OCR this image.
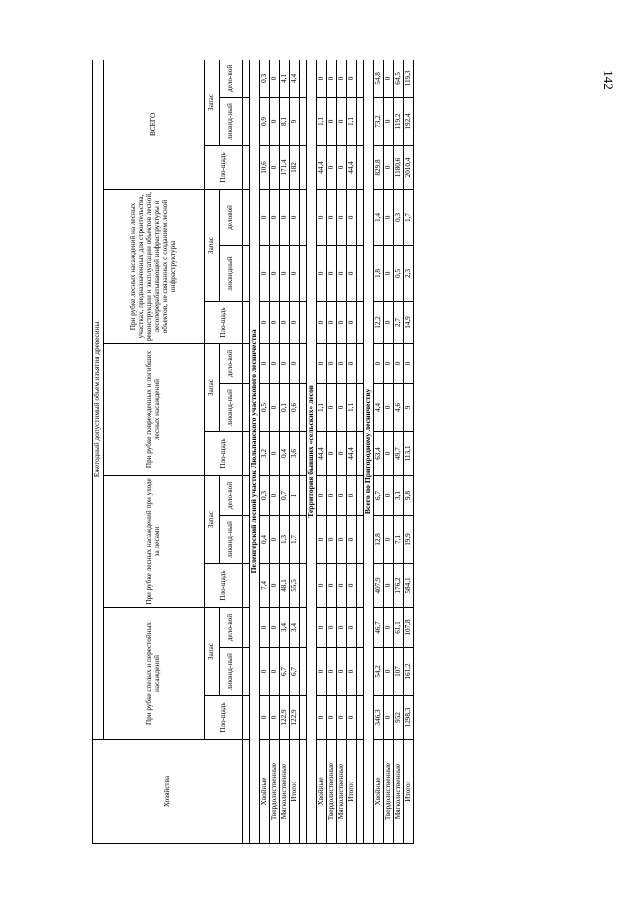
142
Хозяйства	Ежегодный допустимый объем изъятия древесины														
	При рубке спелых и перестойных насаждений			При рубке лесных насаждений при уходе за лесами			При рубке поврежденных и погибших лесных насаждений			При рубке лесных насаждений на лесных участках, предназначенных для строительства, реконструкции и эксплуатации объектов лесной, лесоперерабатывающей инфраструктуры и объектов, не связанных с созданием лесной инфраструктуры			ВСЕГО		
	Пло-щадь	Запас		Пло-щадь	Запас		Пло-щадь	Запас		Пло-щадь	Запас		Пло-щадь	Запас	
		ликвид-ный	дело-вой		ликвид-ный	дело-вой		ликвид-ный	дело-вой		ликвидный	деловой		ликвид-ный	дело-вой

Пеленгерский лесной участок Люльпанского участкового лесничества															
Хвойные	0	0	0	7,4	0,4	0,3	3,2	0,5	0	0	0	0	10,6	0,9	0,3
Твердолиственные	0	0	0	0	0	0	0	0	0	0	0	0	0	0	0
Мягколиственные	122,9	6,7	3,4	48,1	1,3	0,7	0,4	0,1	0	0	0	0	171,4	8,1	4,1
Итого:	122,9	6,7	3,4	55,5	1,7	1	3,6	0,6	0	0	0	0	182	9	4,4

Территория бывших «сельских» лесов															
Хвойные	0	0	0	0	0	0	44,4	1,1	0	0	0	0	44,4	1,1	0
Твердолиственные	0	0	0	0	0	0	0	0	0	0	0	0	0	0	0
Мягколиственные	0	0	0	0	0	0	0	0	0	0	0	0	0	0	0
Итого:	0	0	0	0	0	0	44,4	1,1	0	0	0	0	44,4	1,1	0

Всего по Пригородному лесничеству															
Хвойные	346,3	54,2	46,7	407,9	12,8	6,7	63,4	4,4	0	12,2	1,8	1,4	829,8	73,2	54,8
Твердолиственные	0	0	0	0	0	0	0	0	0	0	0	0	0	0	0
Мягколиственные	952	107	61,1	176,2	7,1	3,1	49,7	4,6	0	2,7	0,5	0,3	1180,6	119,2	64,5
Итого:	1298,3	161,2	107,8	584,1	19,9	9,8	113,1	9	0	14,9	2,3	1,7	2010,4	192,4	119,3
